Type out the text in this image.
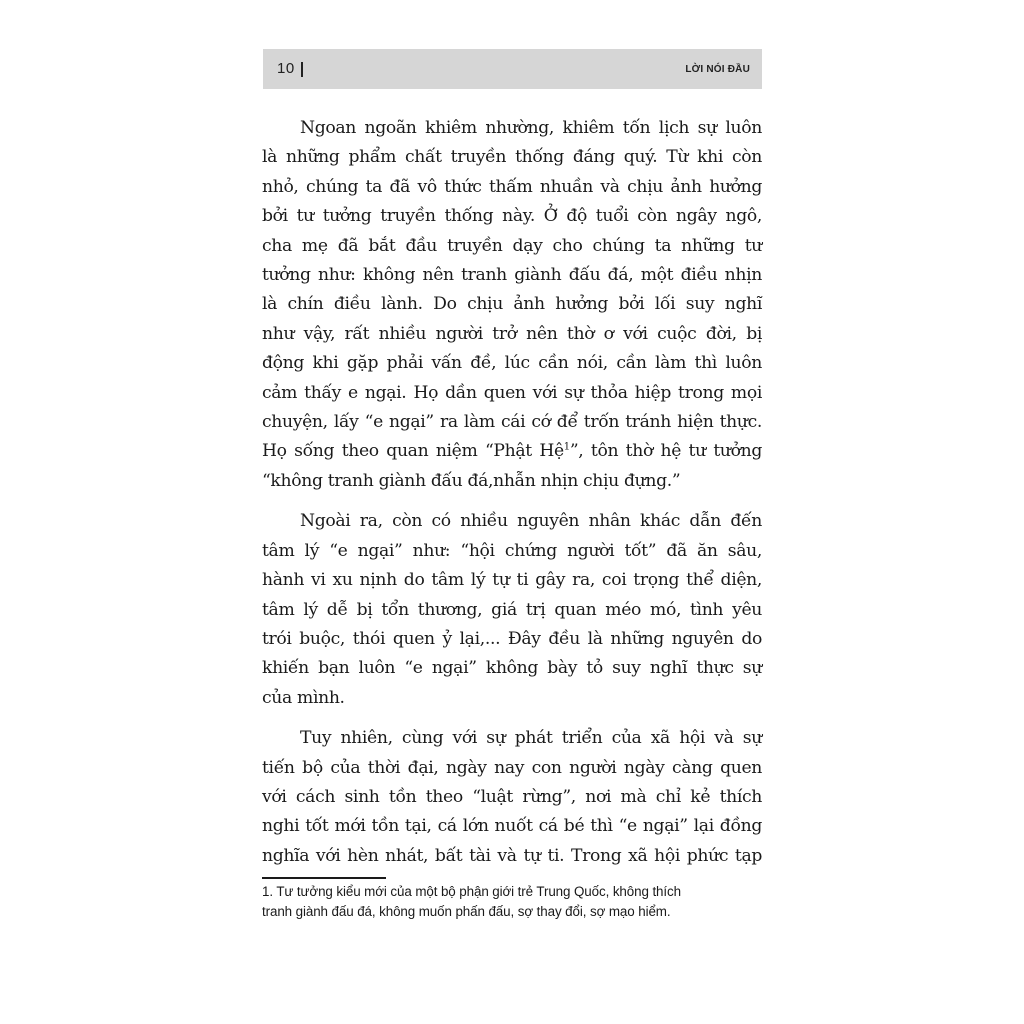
10	LỜI NÓI ĐẦU

Ngoan ngoãn khiêm nhường, khiêm tốn lịch sự luôn
là những phẩm chất truyền thống đáng quý. Từ khi còn
nhỏ, chúng ta đã vô thức thấm nhuần và chịu ảnh hưởng
bởi tư tưởng truyền thống này. Ở độ tuổi còn ngây ngô,
cha mẹ đã bắt đầu truyền dạy cho chúng ta những tư
tưởng như: không nên tranh giành đấu đá, một điều nhịn
là chín điều lành. Do chịu ảnh hưởng bởi lối suy nghĩ
như vậy, rất nhiều người trở nên thờ ơ với cuộc đời, bị
động khi gặp phải vấn đề, lúc cần nói, cần làm thì luôn
cảm thấy e ngại. Họ dần quen với sự thỏa hiệp trong mọi
chuyện, lấy “e ngại” ra làm cái cớ để trốn tránh hiện thực.
Họ sống theo quan niệm “Phật Hệ$^1$”, tôn thờ hệ tư tưởng
“không tranh giành đấu đá,nhẫn nhịn chịu đựng.”

Ngoài ra, còn có nhiều nguyên nhân khác dẫn đến
tâm lý “e ngại” như: “hội chứng người tốt” đã ăn sâu,
hành vi xu nịnh do tâm lý tự ti gây ra, coi trọng thể diện,
tâm lý dễ bị tổn thương, giá trị quan méo mó, tình yêu
trói buộc, thói quen ỷ lại,... Đây đều là những nguyên do
khiến bạn luôn “e ngại” không bày tỏ suy nghĩ thực sự
của mình.

Tuy nhiên, cùng với sự phát triển của xã hội và sự
tiến bộ của thời đại, ngày nay con người ngày càng quen
với cách sinh tồn theo “luật rừng”, nơi mà chỉ kẻ thích
nghi tốt mới tồn tại, cá lớn nuốt cá bé thì “e ngại” lại đồng
nghĩa với hèn nhát, bất tài và tự ti. Trong xã hội phức tạp

1. Tư tưởng kiểu mới của một bộ phận giới trẻ Trung Quốc, không thích
tranh giành đấu đá, không muốn phấn đấu, sợ thay đổi, sợ mạo hiểm.
